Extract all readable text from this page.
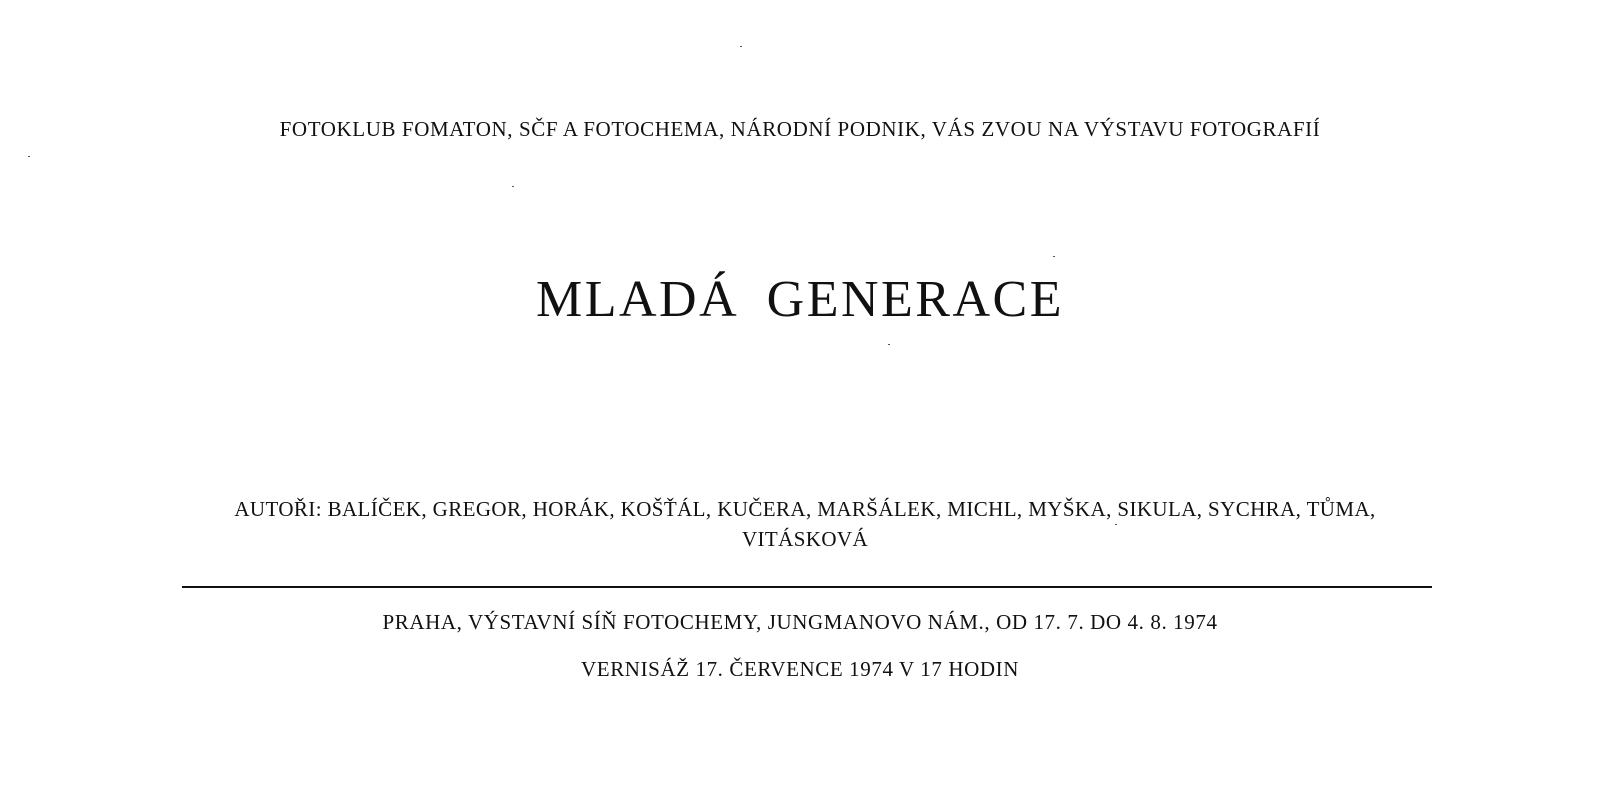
FOTOKLUB FOMATON, SČF A FOTOCHEMA, NÁRODNÍ PODNIK, VÁS ZVOU NA VÝSTAVU FOTOGRAFIÍ
MLADÁ GENERACE
AUTOŘI: BALÍČEK, GREGOR, HORÁK, KOŠŤÁL, KUČERA, MARŠÁLEK, MICHL, MYŠKA, SIKULA, SYCHRA, TŮMA, VITÁSKOVÁ
PRAHA, VÝSTAVNÍ SÍŇ FOTOCHEMY, JUNGMANOVO NÁM., OD 17. 7. DO 4. 8. 1974
VERNISÁŽ 17. ČERVENCE 1974 V 17 HODIN
